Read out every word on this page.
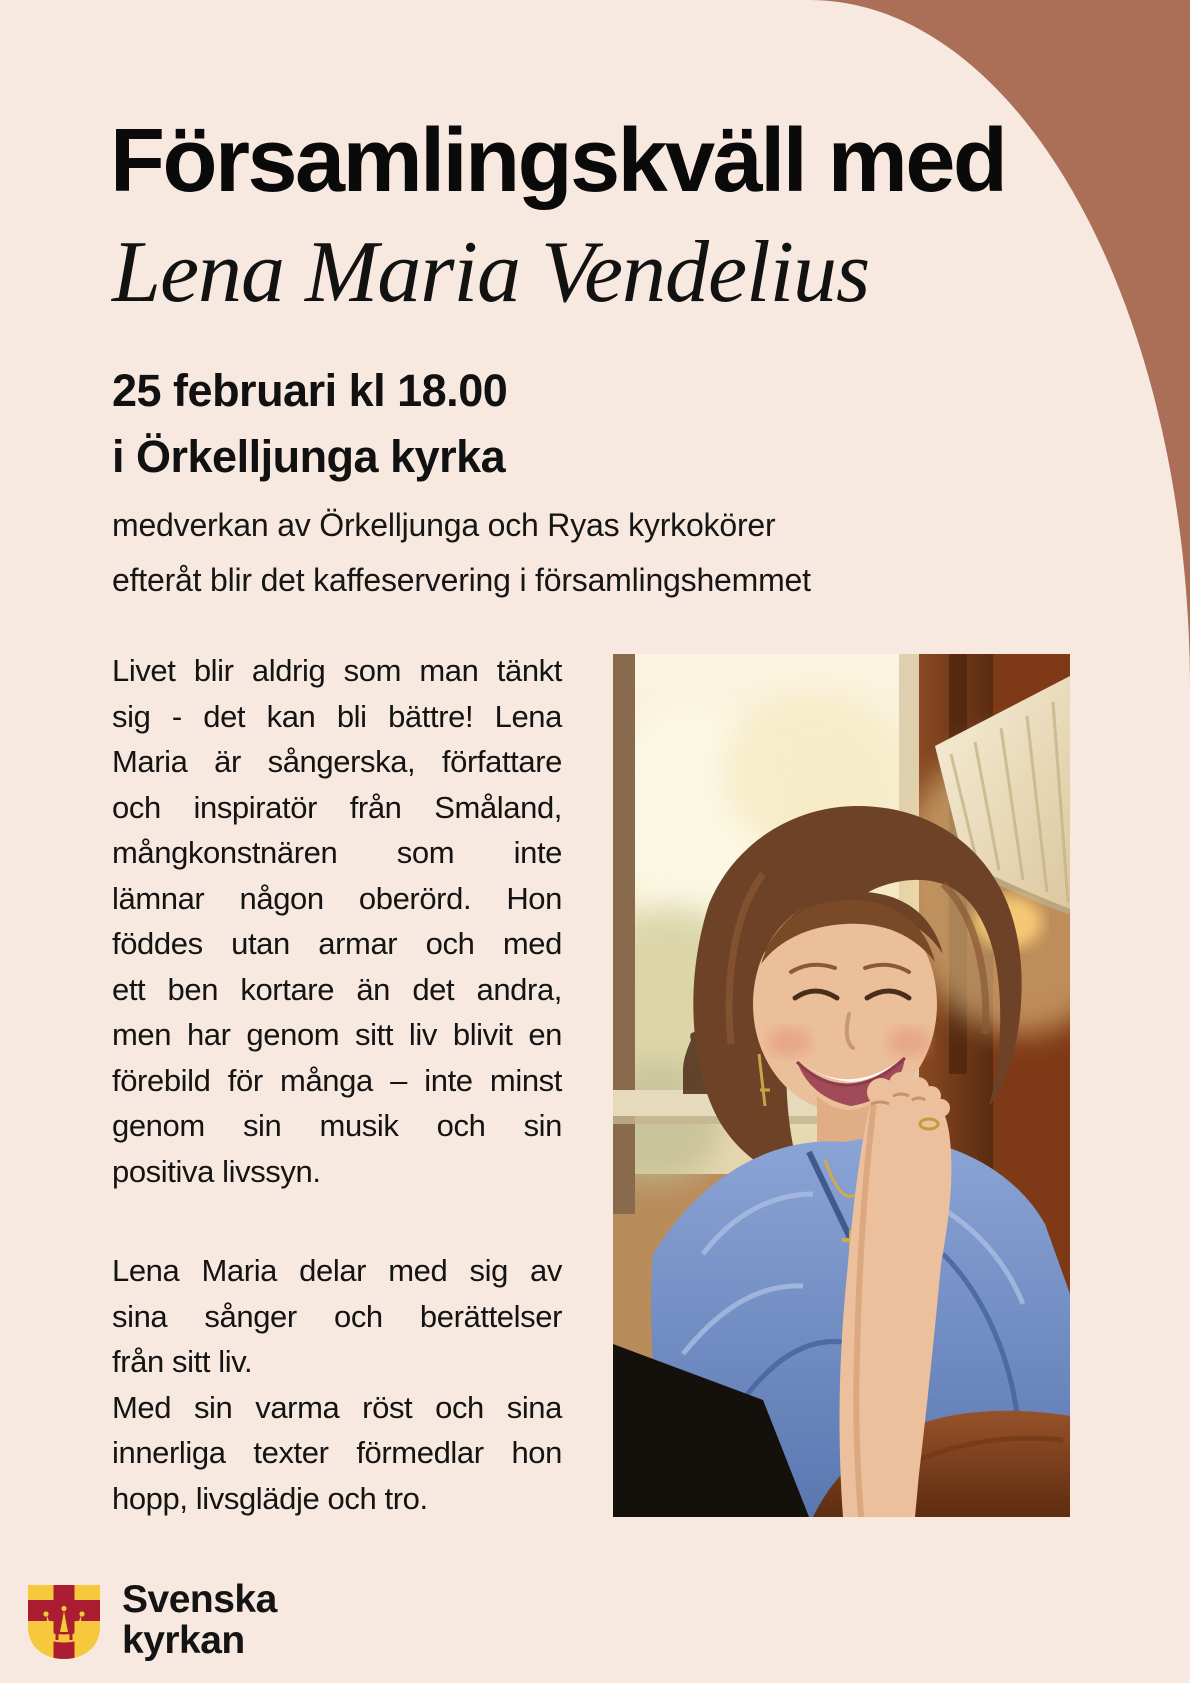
Församlingskväll med
Lena Maria Vendelius
25 februari kl 18.00
i Örkelljunga kyrka
medverkan av Örkelljunga och Ryas kyrkokörer
efteråt blir det kaffeservering i församlingshemmet
Livet blir aldrig som man tänkt
sig - det kan bli bättre! Lena
Maria är sångerska, författare
och inspiratör från Småland,
mångkonstnären som inte
lämnar någon oberörd. Hon
föddes utan armar och med
ett ben kortare än det andra,
men har genom sitt liv blivit en
förebild för många – inte minst
genom sin musik och sin
positiva livssyn.
Lena Maria delar med sig av
sina sånger och berättelser
från sitt liv.
Med sin varma röst och sina
innerliga texter förmedlar hon
hopp, livsglädje och tro.
Svenska
kyrkan
